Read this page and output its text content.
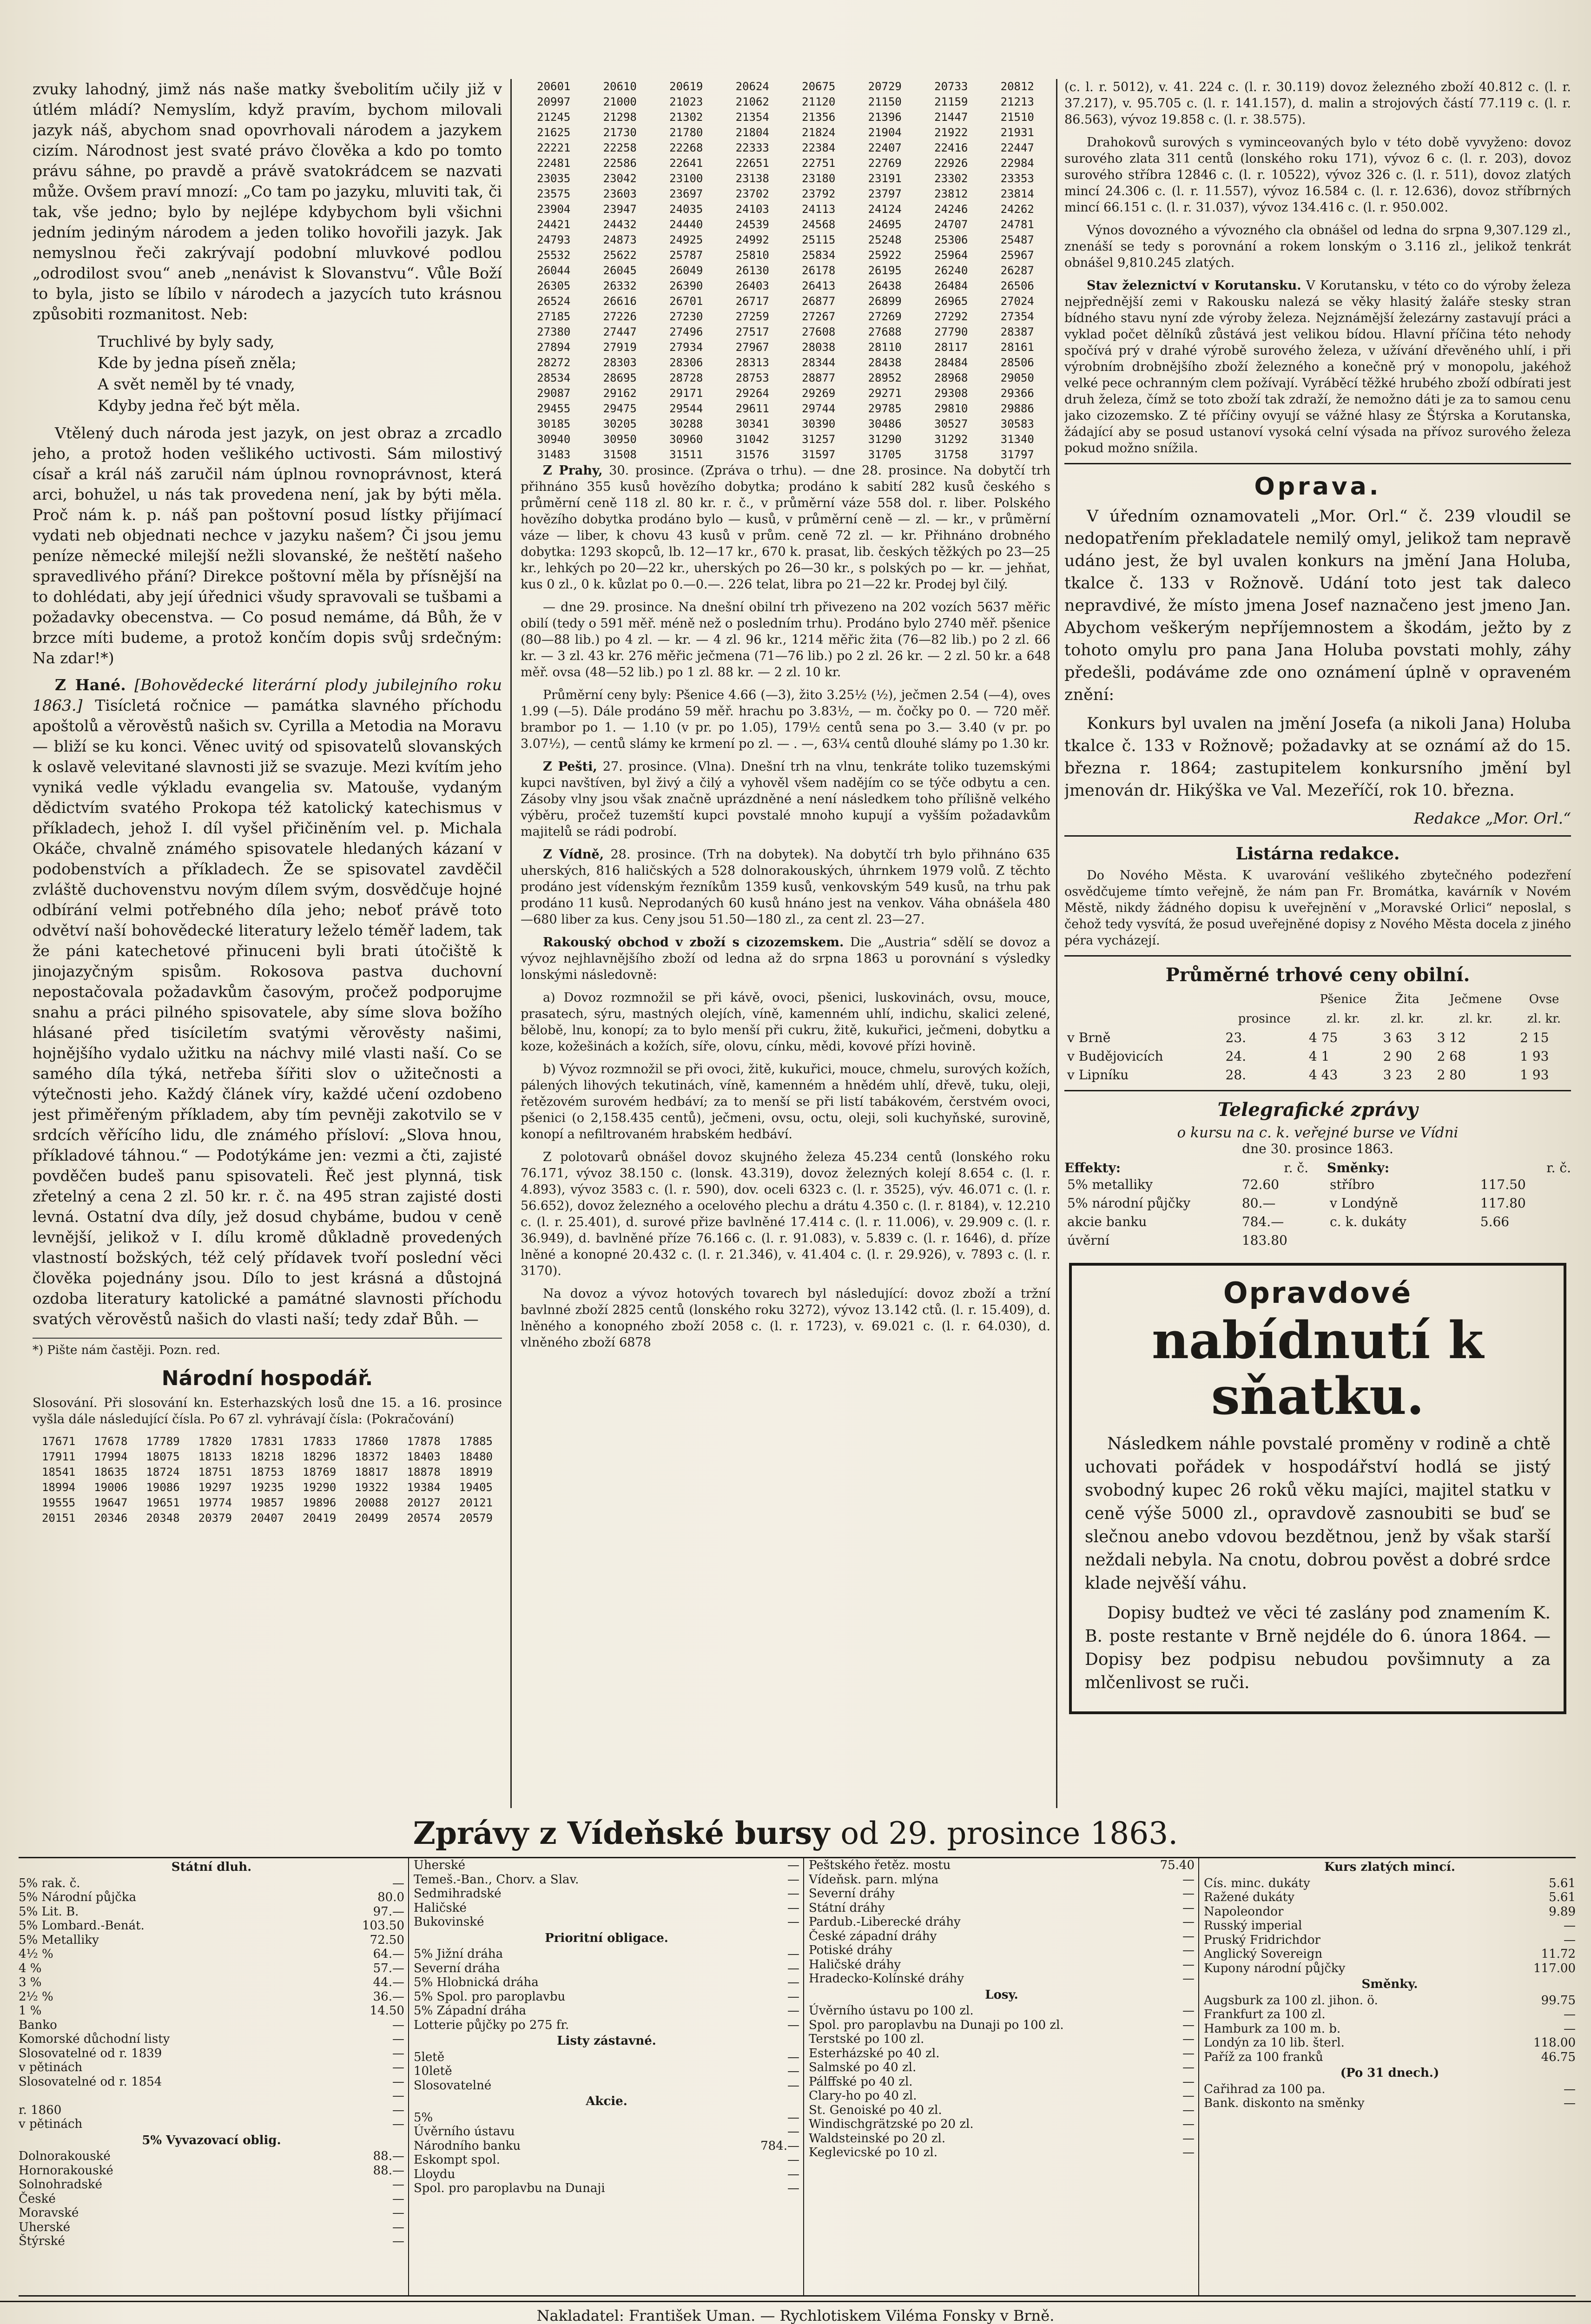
zvuky lahodný, jimž nás naše matky švebolitím učily již v útlém mládí? Nemyslím, když pravím, bychom milovali jazyk náš, abychom snad opovrhovali národem a jazykem cizím. Národnost jest svaté právo člověka a kdo po tomto právu sáhne, po pravdě a právě svatokrádcem se nazvati může. Ovšem praví mnozí: „Co tam po jazyku, mluviti tak, či tak, vše jedno; bylo by nejlépe kdybychom byli všichni jedním jediným národem a jeden toliko hovořili jazyk. Jak nemyslnou řeči zakrývají podobní mluvkové podlou „odrodilost svou“ aneb „nenávist k Slovanstvu“. Vůle Boží to byla, jisto se líbilo v národech a jazycích tuto krásnou způsobiti rozmanitost. Neb:

Truchlivé by byly sady,
Kde by jedna píseň zněla;
A svět neměl by té vnady,
Kdyby jedna řeč být měla.

Vtělený duch národa jest jazyk, on jest obraz a zrcadlo jeho, a protož hoden vešlikého uctivosti. Sám milostivý císař a král náš zaručil nám úplnou rovnoprávnost, která arci, bohužel, u nás tak provedena není, jak by býti měla. Proč nám k. p. náš pan poštovní posud lístky přijímací vydati neb objednati nechce v jazyku našem? Či jsou jemu peníze německé milejší nežli slovanské, že neštětí našeho spravedlivého přání? Direkce poštovní měla by přísnější na to dohlédati, aby její úřednici všudy spravovali se tušbami a požadavky obecenstva. — Co posud nemáme, dá Bůh, že v brzce míti budeme, a protož končím dopis svůj srdečným: Na zdar!*)

Z Hané. [Bohovědecké literární plody jubilejního roku 1863.] Tisícletá ročnice — památka slavného příchodu apoštolů a věrověstů našich sv. Cyrilla a Metodia na Moravu — bliží se ku konci. Věnec uvitý od spisovatelů slovanských k oslavě velevitané slavnosti již se svazuje. Mezi kvítím jeho vyniká vedle výkladu evangelia sv. Matouše, vydaným dědictvím svatého Prokopa též katolický katechismus v příkladech, jehož I. díl vyšel přičiněním vel. p. Michala Okáče, chvalně známého spisovatele hledaných kázaní v podobenstvích a příkladech. Že se spisovatel zavděčil zvláště duchovenstvu novým dílem svým, dosvědčuje hojné odbírání velmi potřebného díla jeho; neboť právě toto odvětví naší bohovědecké literatury leželo téměř ladem, tak že páni katechetové přinuceni byli brati útočiště k jinojazyčným spisům. Rokosova pastva duchovní nepostačovala požadavkům časovým, pročež podporujme snahu a práci pilného spisovatele, aby síme slova božího hlásané před tisíciletím svatými věrověsty našimi, hojnějšího vydalo užitku na náchvy milé vlasti naší. Co se samého díla týká, netřeba šířiti slov o užitečnosti a výtečnosti jeho. Každý článek víry, každé učení ozdobeno jest přiměřeným příkladem, aby tím pevněji zakotvilo se v srdcích věřícího lidu, dle známého přísloví: „Slova hnou, příkladové táhnou.“ — Podotýkáme jen: vezmi a čti, zajisté povděčen budeš panu spisovateli. Řeč jest plynná, tisk zřetelný a cena 2 zl. 50 kr. r. č. na 495 stran zajisté dosti levná. Ostatní dva díly, jež dosud chybáme, budou v ceně levnější, jelikož v I. dílu kromě důkladně provedených vlastností božských, též celý přídavek tvoří poslední věci člověka pojednány jsou. Dílo to jest krásná a důstojná ozdoba literatury katolické a památné slavnosti příchodu svatých věrověstů našich do vlasti naší; tedy zdař Bůh. —

*) Pište nám častěji. Pozn. red.
Národní hospodář.

Slosování. Při slosování kn. Esterhazských losů dne 15. a 16. prosince vyšla dále následující čísla. Po 67 zl. vyhrávají čísla: (Pokračování)

17671	17678	17789	17820	17831	17833	17860	17878	17885
17911	17994	18075	18133	18218	18296	18372	18403	18480
18541	18635	18724	18751	18753	18769	18817	18878	18919
18994	19006	19086	19297	19235	19290	19322	19384	19405
19555	19647	19651	19774	19857	19896	20088	20127	20121
20151	20346	20348	20379	20407	20419	20499	20574	20579
20601	20610	20619	20624	20675	20729	20733	20812
20997	21000	21023	21062	21120	21150	21159	21213
21245	21298	21302	21354	21356	21396	21447	21510
21625	21730	21780	21804	21824	21904	21922	21931
22221	22258	22268	22333	22384	22407	22416	22447
22481	22586	22641	22651	22751	22769	22926	22984
23035	23042	23100	23138	23180	23191	23302	23353
23575	23603	23697	23702	23792	23797	23812	23814
23904	23947	24035	24103	24113	24124	24246	24262
24421	24432	24440	24539	24568	24695	24707	24781
24793	24873	24925	24992	25115	25248	25306	25487
25532	25622	25787	25810	25834	25922	25964	25967
26044	26045	26049	26130	26178	26195	26240	26287
26305	26332	26390	26403	26413	26438	26484	26506
26524	26616	26701	26717	26877	26899	26965	27024
27185	27226	27230	27259	27267	27269	27292	27354
27380	27447	27496	27517	27608	27688	27790	28387
27894	27919	27934	27967	28038	28110	28117	28161
28272	28303	28306	28313	28344	28438	28484	28506
28534	28695	28728	28753	28877	28952	28968	29050
29087	29162	29171	29264	29269	29271	29308	29366
29455	29475	29544	29611	29744	29785	29810	29886
30185	30205	30288	30341	30390	30486	30527	30583
30940	30950	30960	31042	31257	31290	31292	31340
31483	31508	31511	31576	31597	31705	31758	31797

Z Prahy, 30. prosince. (Zpráva o trhu). — dne 28. prosince. Na dobytčí trh přihnáno 355 kusů hovězího dobytka; prodáno k sabití 282 kusů českého s průměrní ceně 118 zl. 80 kr. r. č., v průměrní váze 558 dol. r. liber. Polského hovězího dobytka prodáno bylo — kusů, v průměrní ceně — zl. — kr., v průměrní váze — liber, k chovu 43 kusů v prům. ceně 72 zl. — kr. Přihnáno drobného dobytka: 1293 skopců, lb. 12—17 kr., 670 k. prasat, lib. českých těžkých po 23—25 kr., lehkých po 20—22 kr., uherských po 26—30 kr., s polských po — kr. — jehňat, kus 0 zl., 0 k. kůzlat po 0.—0.—. 226 telat, libra po 21—22 kr. Prodej byl čilý.

— dne 29. prosince. Na dnešní obilní trh přivezeno na 202 vozích 5637 měřic obilí (tedy o 591 měř. méně než o posledním trhu). Prodáno bylo 2740 měř. pšenice (80—88 lib.) po 4 zl. — kr. — 4 zl. 96 kr., 1214 měřic žita (76—82 lib.) po 2 zl. 66 kr. — 3 zl. 43 kr. 276 měřic ječmena (71—76 lib.) po 2 zl. 26 kr. — 2 zl. 50 kr. a 648 měř. ovsa (48—52 lib.) po 1 zl. 88 kr. — 2 zl. 10 kr.

Průměrní ceny byly: Pšenice 4.66 (—3), žito 3.25½ (½), ječmen 2.54 (—4), oves 1.99 (—5). Dále prodáno 59 měř. hrachu po 3.83½, — m. čočky po 0. — 720 měř. brambor po 1. — 1.10 (v pr. po 1.05), 179½ centů sena po 3.— 3.40 (v pr. po 3.07½), — centů slámy ke krmení po zl. — . —, 63¼ centů dlouhé slámy po 1.30 kr.

Z Pešti, 27. prosince. (Vlna). Dnešní trh na vlnu, tenkráte toliko tuzemskými kupci navštíven, byl živý a čilý a vyhověl všem nadějím co se týče odbytu a cen. Zásoby vlny jsou však značně uprázdněné a není následkem toho přílišně velkého výběru, pročež tuzemští kupci povstalé mnoho kupují a vyšším požadavkům majitelů se rádi podrobí.

Z Vídně, 28. prosince. (Trh na dobytek). Na dobytčí trh bylo přihnáno 635 uherských, 816 haličských a 528 dolnorakouských, úhrnkem 1979 volů. Z těchto prodáno jest vídenským řezníkům 1359 kusů, venkovským 549 kusů, na trhu pak prodáno 11 kusů. Neprodaných 60 kusů hnáno jest na venkov. Váha obnášela 480—680 liber za kus. Ceny jsou 51.50—180 zl., za cent zl. 23—27.

Rakouský obchod v zboží s cizozemskem. Die „Austria“ sdělí se dovoz a vývoz nejhlavnějšího zboží od ledna až do srpna 1863 u porovnání s výsledky lonskými následovně:

a) Dovoz rozmnožil se při kávě, ovoci, pšenici, luskovinách, ovsu, mouce, prasatech, sýru, mastných olejích, víně, kamenném uhlí, indichu, skalici zelené, bělobě, lnu, konopí; za to bylo menší při cukru, žitě, kukuřici, ječmeni, dobytku a koze, kožešinách a kožích, síře, olovu, cínku, mědi, kovové přízi hovině.

b) Vývoz rozmnožil se při ovoci, žitě, kukuřici, mouce, chmelu, surových kožích, pálených lihových tekutinách, víně, kamenném a hnědém uhlí, dřevě, tuku, oleji, řetězovém surovém hedbáví; za to menší se při listí tabákovém, čerstvém ovoci, pšenici (o 2,158.435 centů), ječmeni, ovsu, octu, oleji, soli kuchyňské, surovině, konopí a nefiltrovaném hrabském hedbáví.

Z polotovarů obnášel dovoz skujného železa 45.234 centů (lonského roku 76.171, vývoz 38.150 c. (lonsk. 43.319), dovoz železných kolejí 8.654 c. (l. r. 4.893), vývoz 3583 c. (l. r. 590), dov. oceli 6323 c. (l. r. 3525), výv. 46.071 c. (l. r. 56.652), dovoz železného a ocelového plechu a drátu 4.350 c. (l. r. 8184), v. 12.210 c. (l. r. 25.401), d. surové přize bavlněné 17.414 c. (l. r. 11.006), v. 29.909 c. (l. r. 36.949), d. bavlněné příze 76.166 c. (l. r. 91.083), v. 5.839 c. (l. r. 1646), d. příze lněné a konopné 20.432 c. (l. r. 21.346), v. 41.404 c. (l. r. 29.926), v. 7893 c. (l. r. 3170).

Na dovoz a vývoz hotových tovarech byl následující: dovoz zboží a tržní bavlnné zboží 2825 centů (lonského roku 3272), vývoz 13.142 ctů. (l. r. 15.409), d. lněného a konopného zboží 2058 c. (l. r. 1723), v. 69.021 c. (l. r. 64.030), d. vlněného zboží 6878

(c. l. r. 5012), v. 41. 224 c. (l. r. 30.119) dovoz železného zboží 40.812 c. (l. r. 37.217), v. 95.705 c. (l. r. 141.157), d. malin a strojových částí 77.119 c. (l. r. 86.563), vývoz 19.858 c. (l. r. 38.575).

Drahokovů surových s vyminceovaných bylo v této době vyvyženo: dovoz surového zlata 311 centů (lonského roku 171), vývoz 6 c. (l. r. 203), dovoz surového stříbra 12846 c. (l. r. 10522), vývoz 326 c. (l. r. 511), dovoz zlatých mincí 24.306 c. (l. r. 11.557), vývoz 16.584 c. (l. r. 12.636), dovoz stříbrných mincí 66.151 c. (l. r. 31.037), vývoz 134.416 c. (l. r. 950.002.

Výnos dovozného a vývozného cla obnášel od ledna do srpna 9,307.129 zl., znenáší se tedy s porovnání a rokem lonským o 3.116 zl., jelikož tenkrát obnášel 9,810.245 zlatých.

Stav železnictví v Korutansku. V Korutansku, v této co do výroby železa nejpřednější zemi v Rakousku nalezá se věky hlasitý žaláře stesky stran bídného stavu nyní zde výroby železa. Nejznámější železárny zastavují práci a vyklad počet dělníků zůstává jest velikou bídou. Hlavní příčina této nehody spočívá prý v drahé výrobě surového železa, v užívání dřevěného uhlí, i při výrobním drobnějšího zboží železného a konečně prý v monopolu, jakéhož velké pece ochranným clem požívají. Vyráběcí těžké hrubého zboží odbírati jest druh železa, čímž se toto zboží tak zdraží, že nemožno dáti je za to samou cenu jako cizozemsko. Z té příčiny ovyují se vážné hlasy ze Štýrska a Korutanska, žádající aby se posud ustanoví vysoká celní výsada na přívoz surového železa pokud možno snížila.

Oprava.

V úředním oznamovateli „Mor. Orl.“ č. 239 vloudil se nedopatřením překladatele nemilý omyl, jelikož tam nepravě udáno jest, že byl uvalen konkurs na jmění Jana Holuba, tkalce č. 133 v Rožnově. Udání toto jest tak daleco nepravdivé, že místo jmena Josef naznačeno jest jmeno Jan. Abychom veškerým nepříjemnostem a škodám, ježto by z tohoto omylu pro pana Jana Holuba povstati mohly, záhy předešli, podáváme zde ono oznámení úplně v opraveném znění:

Konkurs byl uvalen na jmění Josefa (a nikoli Jana) Holuba tkalce č. 133 v Rožnově; požadavky at se oznámí až do 15. března r. 1864; zastupitelem konkursního jmění byl jmenován dr. Hikýška ve Val. Mezeříčí, rok 10. března.

Redakce „Mor. Orl.“

Listárna redakce.

Do Nového Města. K uvarování vešlikého zbytečného podezření osvědčujeme tímto veřejně, že nám pan Fr. Bromátka, kavárník v Novém Městě, nikdy žádného dopisu k uveřejnění v „Moravské Orlici“ neposlal, s čehož tedy vysvítá, že posud uveřejněné dopisy z Nového Města docela z jiného péra vycházejí.

Průměrné trhové ceny obilní.
		Pšenice	Žita	Ječmene	Ovse
	prosince	zl. kr.	zl. kr.	zl. kr.	zl. kr.
v Brně	23.	4 75	3 63	3 12	2 15
v Budějovicích	24.	4 1	2 90	2 68	1 93
v Lipníku	28.	4 43	3 23	2 80	1 93
Telegrafické zprávy
o kursu na c. k. veřejné burse ve Vídni
dne 30. prosince 1863.
Effekty:	r. č.
5% metalliky	72.60
5% národní půjčky	80.—
akcie banku	784.—
úvěrní	183.80
Směnky:	r. č.
stříbro	117.50
v Londýně	117.80
c. k. dukáty	5.66
Opravdové
nabídnutí k sňatku.

Následkem náhle povstalé proměny v rodině a chtě uchovati pořádek v hospodářství hodlá se jistý svobodný kupec 26 roků věku majíci, majitel statku v ceně výše 5000 zl., opravdově zasnoubiti se buď se slečnou anebo vdovou bezdětnou, jenž by však starší neždali nebyla. Na cnotu, dobrou pověst a dobré srdce klade nejvěší váhu.

Dopisy budteż ve věci té zaslány pod znamením K. B. poste restante v Brně nejdéle do 6. února 1864. — Dopisy bez podpisu nebudou povšimnuty a za mlčenlivost se ruči.

Zprávy z Vídeňské bursy od 29. prosince 1863.
Státní dluh.
5% rak. č.	—
5% Národní půjčka	80.0
5% Lit. B.	97.—
5% Lombard.-Benát.	103.50
5% Metalliky	72.50
4½ %	64.—
4 %	57.—
3 %	44.—
2½ %	36.—
1 %	14.50
Banko	—
Komorské důchodní listy	—
Slosovatelné od r. 1839	—
v pětinách	—
Slosovatelné od r. 1854	—
—
r. 1860	—
v pětinách	—
5% Vyvazovací oblig.
Dolnorakouské	88.—
Hornorakouské	88.—
Solnohradské	—
České	—
Moravské	—
Uherské	—
Štýrské	—
Uherské	—
Temeš.-Ban., Chorv. a Slav.	—
Sedmihradské	—
Haličské	—
Bukovinské	—
Prioritní obligace.
5% Jižní dráha	—
Severní dráha	—
5% Hlobnická dráha	—
5% Spol. pro paroplavbu	—
5% Západní dráha	—
Lotterie půjčky po 275 fr.	—
Listy zástavné.
5letě	—
10letě	—
Slosovatelné	—
Akcie.
5%	—
Úvěrního ústavu	—
Národního banku	784.—
Eskompt spol.	—
Lloydu	—
Spol. pro paroplavbu na Dunaji	—
Peštského řetěz. mostu	75.40
Vídeňsk. parn. mlýna	—
Severní dráhy	—
Státní dráhy	—
Pardub.-Liberecké dráhy	—
České západní dráhy	—
Potiské dráhy	—
Haličské dráhy	—
Hradecko-Kolínské dráhy	—
Losy.
Úvěrního ústavu po 100 zl.	—
Spol. pro paroplavbu na Dunaji po 100 zl.	—
Terstské po 100 zl.	—
Esterházské po 40 zl.	—
Salmské po 40 zl.	—
Pálffské po 40 zl.	—
Clary-ho po 40 zl.	—
St. Genoiské po 40 zl.	—
Windischgrätzské po 20 zl.	—
Waldsteinské po 20 zl.	—
Keglevicské po 10 zl.	—
Kurs zlatých mincí.
Cís. minc. dukáty	5.61
Ražené dukáty	5.61
Napoleondor	9.89
Russký imperial	—
Pruský Fridrichdor	—
Anglický Sovereign	11.72
Kupony národní půjčky	117.00
Směnky.
Augsburk za 100 zl. jihon. ö.	99.75
Frankfurt za 100 zl.	—
Hamburk za 100 m. b.	—
Londýn za 10 lib. šterl.	118.00
Paříž za 100 franků	46.75
(Po 31 dnech.)
Cařihrad za 100 pa.	—
Bank. diskonto na směnky	—
Nakladatel: František Uman. — Rychlotiskem Viléma Fonsky v Brně.
